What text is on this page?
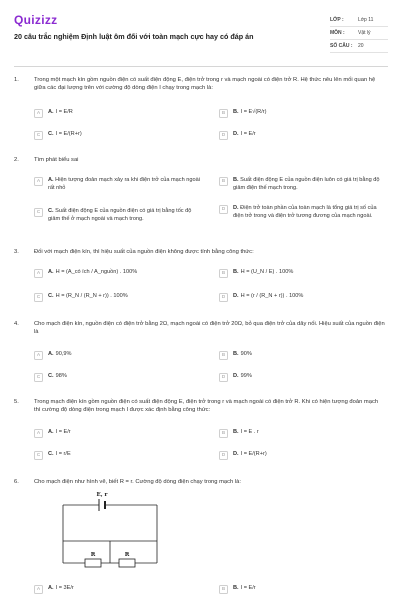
Quizizz
20 câu trắc nghiệm Định luật ôm đối với toàn mạch cực hay có đáp án
LỚP :	Lớp 11
MÔN :	Vật lý
SỐ CÂU :	20
1.	Trong một mạch kín gồm nguồn điện có suất điện động E, điện trở trong r và mạch ngoài có điện trở R. Hệ thức nêu lên mối quan hệ giữa các đại lượng trên với cường độ dòng điện I chạy trong mạch là:
A	A. I = E/R	B	B. I = E√(R/r)
C	C. I = E/(R+r)	D	D. I = E/r
2.	Tìm phát biểu sai
A	A. Hiện tượng đoản mạch xảy ra khi điện trở của mạch ngoài rất nhỏ
B	B. Suất điện động E của nguồn điện luôn có giá trị bằng độ giảm điện thế mạch trong.
C	C. Suất điện động E của nguồn điện có giá trị bằng tốc độ giảm thế ở mạch ngoài và mạch trong.
D	D. Điện trở toàn phần của toàn mạch là tổng giá trị số của điện trở trong và điện trở tương đương của mạch ngoài.
3.	Đối với mạch điện kín, thì hiệu suất của nguồn điện không được tính bằng công thức:
A	A. H = (A_có ích / A_nguồn) . 100%	B	B. H = (U_N / E) . 100%
C	C. H = (R_N / (R_N + r)) . 100%	D	D. H = (r / (R_N + r)) . 100%
4.	Cho mạch điện kín, nguồn điện có điện trở bằng 2Ω, mạch ngoài có điện trở 20Ω, bỏ qua điện trở của dây nối. Hiệu suất của nguồn điện là
A	A. 90,9%	B	B. 90%
C	C. 98%	D	D. 99%
5.	Trong mạch điện kín gồm nguồn điện có suất điện động E, điện trở trong r và mạch ngoài có điện trở R. Khi có hiện tượng đoản mạch thì cường độ dòng điện trong mạch I được xác định bằng công thức:
A	A. I = E/r	B	B. I = E . r
C	C. I = r/E	D	D. I = E/(R+r)
6.	Cho mạch điện như hình vẽ, biết R = r. Cường độ dòng điện chạy trong mạch là:
A	A. I = 3E/r	B	B. I = E/r
E, r
R	R
